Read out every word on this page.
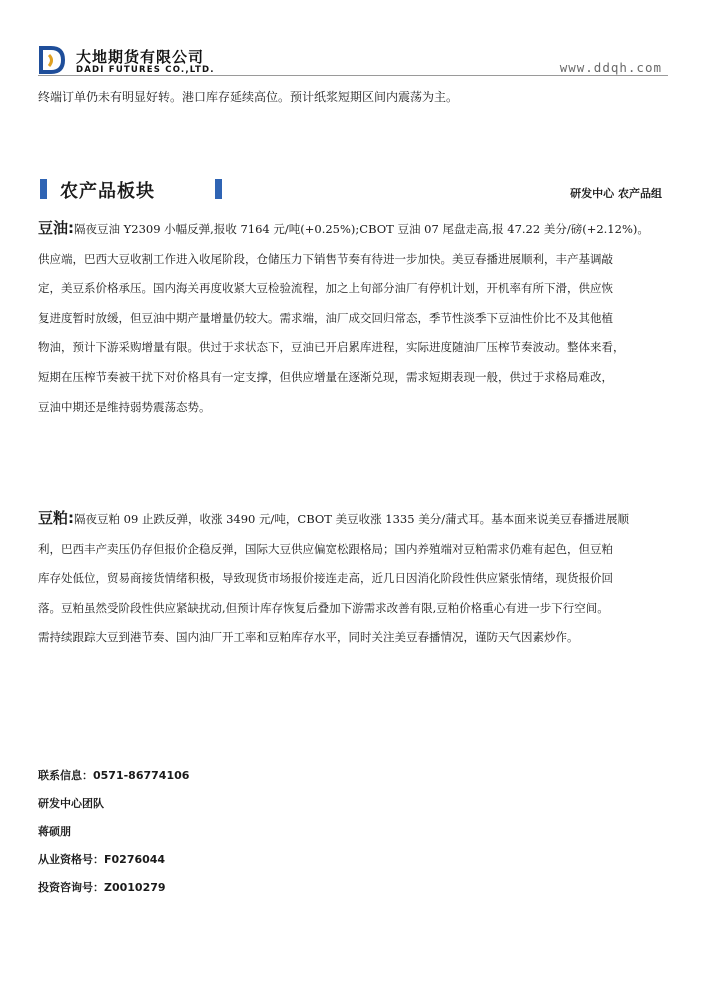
大地期货有限公司
DADI FUTURES CO.,LTD.	www.ddqh.com
终端订单仍未有明显好转。港口库存延续高位。预计纸浆短期区间内震荡为主。
农产品板块	研发中心 农产品组
豆油:隔夜豆油 Y2309 小幅反弹,报收 7164 元/吨(+0.25%);CBOT 豆油 07 尾盘走高,报 47.22 美分/磅(+2.12%)。
供应端，巴西大豆收割工作进入收尾阶段，仓储压力下销售节奏有待进一步加快。美豆春播进展顺利，丰产基调敲
定，美豆系价格承压。国内海关再度收紧大豆检验流程，加之上旬部分油厂有停机计划，开机率有所下滑，供应恢
复进度暂时放缓，但豆油中期产量增量仍较大。需求端，油厂成交回归常态，季节性淡季下豆油性价比不及其他植
物油，预计下游采购增量有限。供过于求状态下，豆油已开启累库进程，实际进度随油厂压榨节奏波动。整体来看，
短期在压榨节奏被干扰下对价格具有一定支撑，但供应增量在逐渐兑现，需求短期表现一般，供过于求格局难改，
豆油中期还是维持弱势震荡态势。
豆粕:隔夜豆粕 09 止跌反弹，收涨 3490 元/吨，CBOT 美豆收涨 1335 美分/蒲式耳。基本面来说美豆春播进展顺
利，巴西丰产卖压仍存但报价企稳反弹，国际大豆供应偏宽松跟格局；国内养殖端对豆粕需求仍难有起色，但豆粕
库存处低位，贸易商接货情绪积极，导致现货市场报价接连走高，近几日因消化阶段性供应紧张情绪，现货报价回
落。豆粕虽然受阶段性供应紧缺扰动,但预计库存恢复后叠加下游需求改善有限,豆粕价格重心有进一步下行空间。
需持续跟踪大豆到港节奏、国内油厂开工率和豆粕库存水平，同时关注美豆春播情况，谨防天气因素炒作。
联系信息：0571-86774106
研发中心团队
蒋硕朋
从业资格号：F0276044
投资咨询号：Z0010279
